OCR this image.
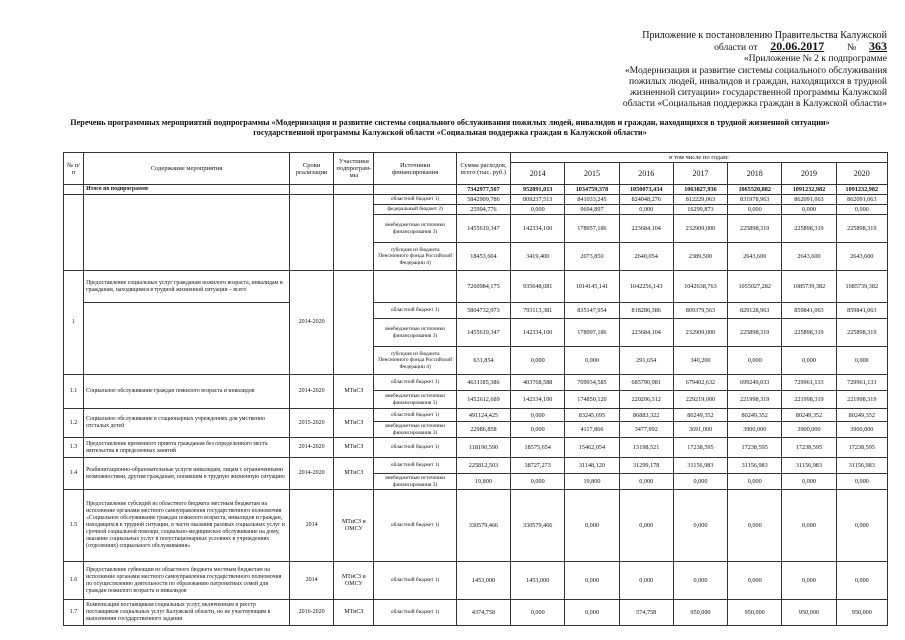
Приложение к постановлению Правительства Калужской
области от 20.06.2017 № 363
«Приложение № 2 к подпрограмме
«Модернизация и развитие системы социального обслуживания
пожилых людей, инвалидов и граждан, находящихся в трудной
жизненной ситуации» государственной программы Калужской
области «Социальная поддержка граждан в Калужской области»
Перечень программных мероприятий подпрограммы «Модернизация и развитие системы социального обслуживания пожилых людей, инвалидов и граждан, находящихся в трудной жизненной ситуации»
государственной программы Калужской области «Социальная поддержка граждан в Калужской области»
№ п/п	Содержание мероприятия	Сроки реализации	Участники подпрограм-мы	Источники финансирования	Сумма расходов, всего (тыс. руб.)	в том числе по годам:						
						2014	2015	2016	2017	2018	2019	2020
	Итого по подпрограмме				7342977,507	952091,013	1034759,378	1050073,434	1063827,936	1065520,882	1091232,982	1091232,982
				областной бюджет 1)	5842909,786	809237,513	841033,245	824048,276	812229,063	831978,963	862091,063	862091,063
				федеральный бюджет 2)	25994,776	0,000	9694,897	0,000	16299,873	0,000	0,000	0,000
				внебюджетные источники финансирования 3)	1455619,347	142334,100	178957,186	223684,104	232909,000	225898,319	225898,319	225898,319
				субсидия из бюджета Пенсионного фонда Российской Федерации 4)	18453,604	3419,400	2073,850	2640,054	2389,500	2643,600	2643,600	2643,600
1	Предоставление социальных услуг гражданам пожилого возраста, инвалидам и гражданам, находящимся в трудной жизненной ситуации – всего	2014-2020			7260984,175	935648,081	1014145,141	1042256,143	1042638,763	1055027,282	1085739,382	1085739,382
				областной бюджет 1)	5804732,973	793113,381	835147,954	818286,386	809379,563	829128,963	859841,063	859841,063
				внебюджетные источники финансирования 3)	1455619,347	142334,100	178997,186	223684,104	232909,000	225898,319	225898,319	225898,319
				субсидия из бюджета Пенсионного фонда Российской Федерации 4)	631,854	0,000	0,000	291,654	340,200	0,000	0,000	0,000
1.1	Социальное обслуживание граждан пожилого возраста и инвалидов	2014-2020	МТиСЗ	областной бюджет 1)	4631185,386	403768,588	709934,585	685790,981	679402,632	699249,033	729961,133	729961,133
				внебюджетные источники финансирования 3)	1452612,689	142334,100	174850,120	220206,312	229219,000	221998,319	221998,319	221998,319
1.2	Социальное обслуживание в стационарных учреждениях для умственно отсталых детей	2015-2020	МТиСЗ	областной бюджет 1)	491124,425	0,000	83245,695	86883,322	80249,352	80249,352	80249,352	80249,352
				внебюджетные источники финансирования 3)	22986,858	0,000	4117,866	3477,992	3691,000	3900,000	3900,000	3900,000
1.3	Предоставление временного приюта гражданам без определенного места жительства в определенных занятий	2014-2020	МТиСЗ	областной бюджет 1)	118190,590	18575,654	15462,054	15198,521	17238,595	17238,595	17238,595	17238,595
1.4	Реабилитационно-образовательные услуги инвалидам, лицам с ограниченными возможностями, другим гражданам, попавшим в трудную жизненную ситуацию	2014-2020	МТиСЗ	областной бюджет 1)	225812,503	38727,273	31148,120	31299,178	31156,983	31156,983	31156,983	31156,983
				внебюджетные источники финансирования 3)	19,800	0,000	19,800	0,000	0,000	0,000	0,000	0,000
1.5	Предоставление субсидий из областного бюджета местным бюджетам на исполнение органами местного самоуправления государственного полномочия «Социальное обслуживание граждан пожилого возраста, инвалидов и граждан, находящихся в трудной ситуации, в части оказания разовых социальных услуг и срочной социальной помощи, социально-медицинское обслуживание на дому, оказание социальных услуг в полустационарных условиях в учреждениях (отделениях) социального обслуживания»	2014	МТиСЗ и ОМСУ	областной бюджет 1)	330579,466	330579,466	0,000	0,000	0,000	0,000	0,000	0,000
1.6	Предоставление субвенции из областного бюджета местным бюджетам на исполнение органами местного самоуправления государственного полномочия по осуществлению деятельности по образованию патронатных семей для граждан пожилого возраста и инвалидов	2014	МТиСЗ и ОМСУ	областной бюджет 1)	1453,000	1453,000	0,000	0,000	0,000	0,000	0,000	0,000
1.7	Компенсация поставщикам социальных услуг, включенным в реестр поставщиков социальных услуг Калужской области, но не участвующим в выполнении государственного задания	2016-2020	МТиСЗ	областной бюджет 1)	4374,758	0,000	0,000	574,758	950,000	950,000	950,000	950,000
